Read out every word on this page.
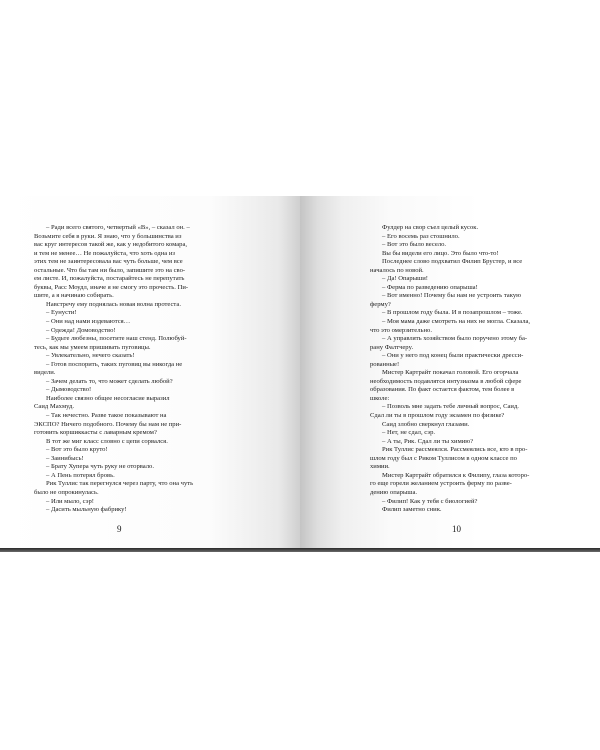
– Ради всего святого, четвертый «В», – сказал он. –
Возьмите себя в руки. Я знаю, что у большинства из
вас круг интересов такой же, как у недобитого комара,
и тем не менее… Не пожалуйста, что хоть одна из
этих тем не заинтересовала вас чуть больше, чем все
остальные. Что бы там ни было, запишите это на сво-
ем листе. И, пожалуйста, постарайтесь не перепутать
буквы, Расс Моудл, иначе я не смогу это прочесть. Пи-
шите, а я начинаю собирать.
Навстречу ему поднялась новая волна протеста.
– Еунусти!
– Они над нами издеваются…
– Одежда! Домоводство!
– Будьте любезны, посетите наш стенд. Полюбуй-
тесь, как мы умеем пришивать пуговицы.
– Увлекательно, нечего сказать!
– Готов поспорить, таких пуговиц вы никогда не
видели.
– Зачем делать то, что может сделать любой?
– Дымоводство!
Наиболее связно общее несогласие выразил
Саид Махмуд.
– Так нечестно. Разве такое показывают на
ЭКСПО? Ничего подобного. Почему бы нам не при-
готовить коршиккасты с лаварным кремом?
В тот же миг класс словно с цепи сорвался.
– Вот это было круто!
– Заинибысь!
– Брату Хупера чуть руку не оторвало.
– А Пень потерял бровь.
Рик Туллис так перегнулся через парту, что она чуть
было не опрокинулась.
– Или мыло, сэр!
– Дасить мыльную фабрику!
9
Фулдер на свор съел целый кусок.
– Его восемь раз стошнило.
– Вот это было весело.
Вы бы видели его лицо. Это было что-то!
Последнее слово подхватил Филип Брустер, и все
началось по новой.
– Да! Опарыши!
– Ферма по разведению опарыша!
– Вот именно! Почему бы нам не устроить такую
ферму?
– В прошлом году была. И в позапрошлом – тоже.
– Моя мама даже смотреть на них не могла. Сказала,
что это омерзительно.
– А управлять хозяйством было поручено этому ба-
рану Фалтчерy.
– Они у него под конец были практически дресси-
рованные!
Мистер Картрайт покачал головой. Его огорчала
необходимость подавлятся интузиазма в любой сфере
образования. По факт остается фактом, тем более в
школе:
– Позволь мне задать тебе личный вопрос, Саид.
Сдал ли ты в прошлом году экзамен по физике?
Саид злобно сверкнул глазами.
– Нет, не сдал, сэр.
– А ты, Рик. Сдал ли ты химию?
Рик Туллис рассмеялся. Рассмеялись все, кто в про-
шлом году был с Риком Туллисом в одном классе по
химии.
Мистер Картрайт обратился к Филипу, глаза которо-
го еще горели желанием устроить ферму по разве-
дению опарыша.
– Филип! Как у тебя с биологией?
Филип заметно сник.
10
